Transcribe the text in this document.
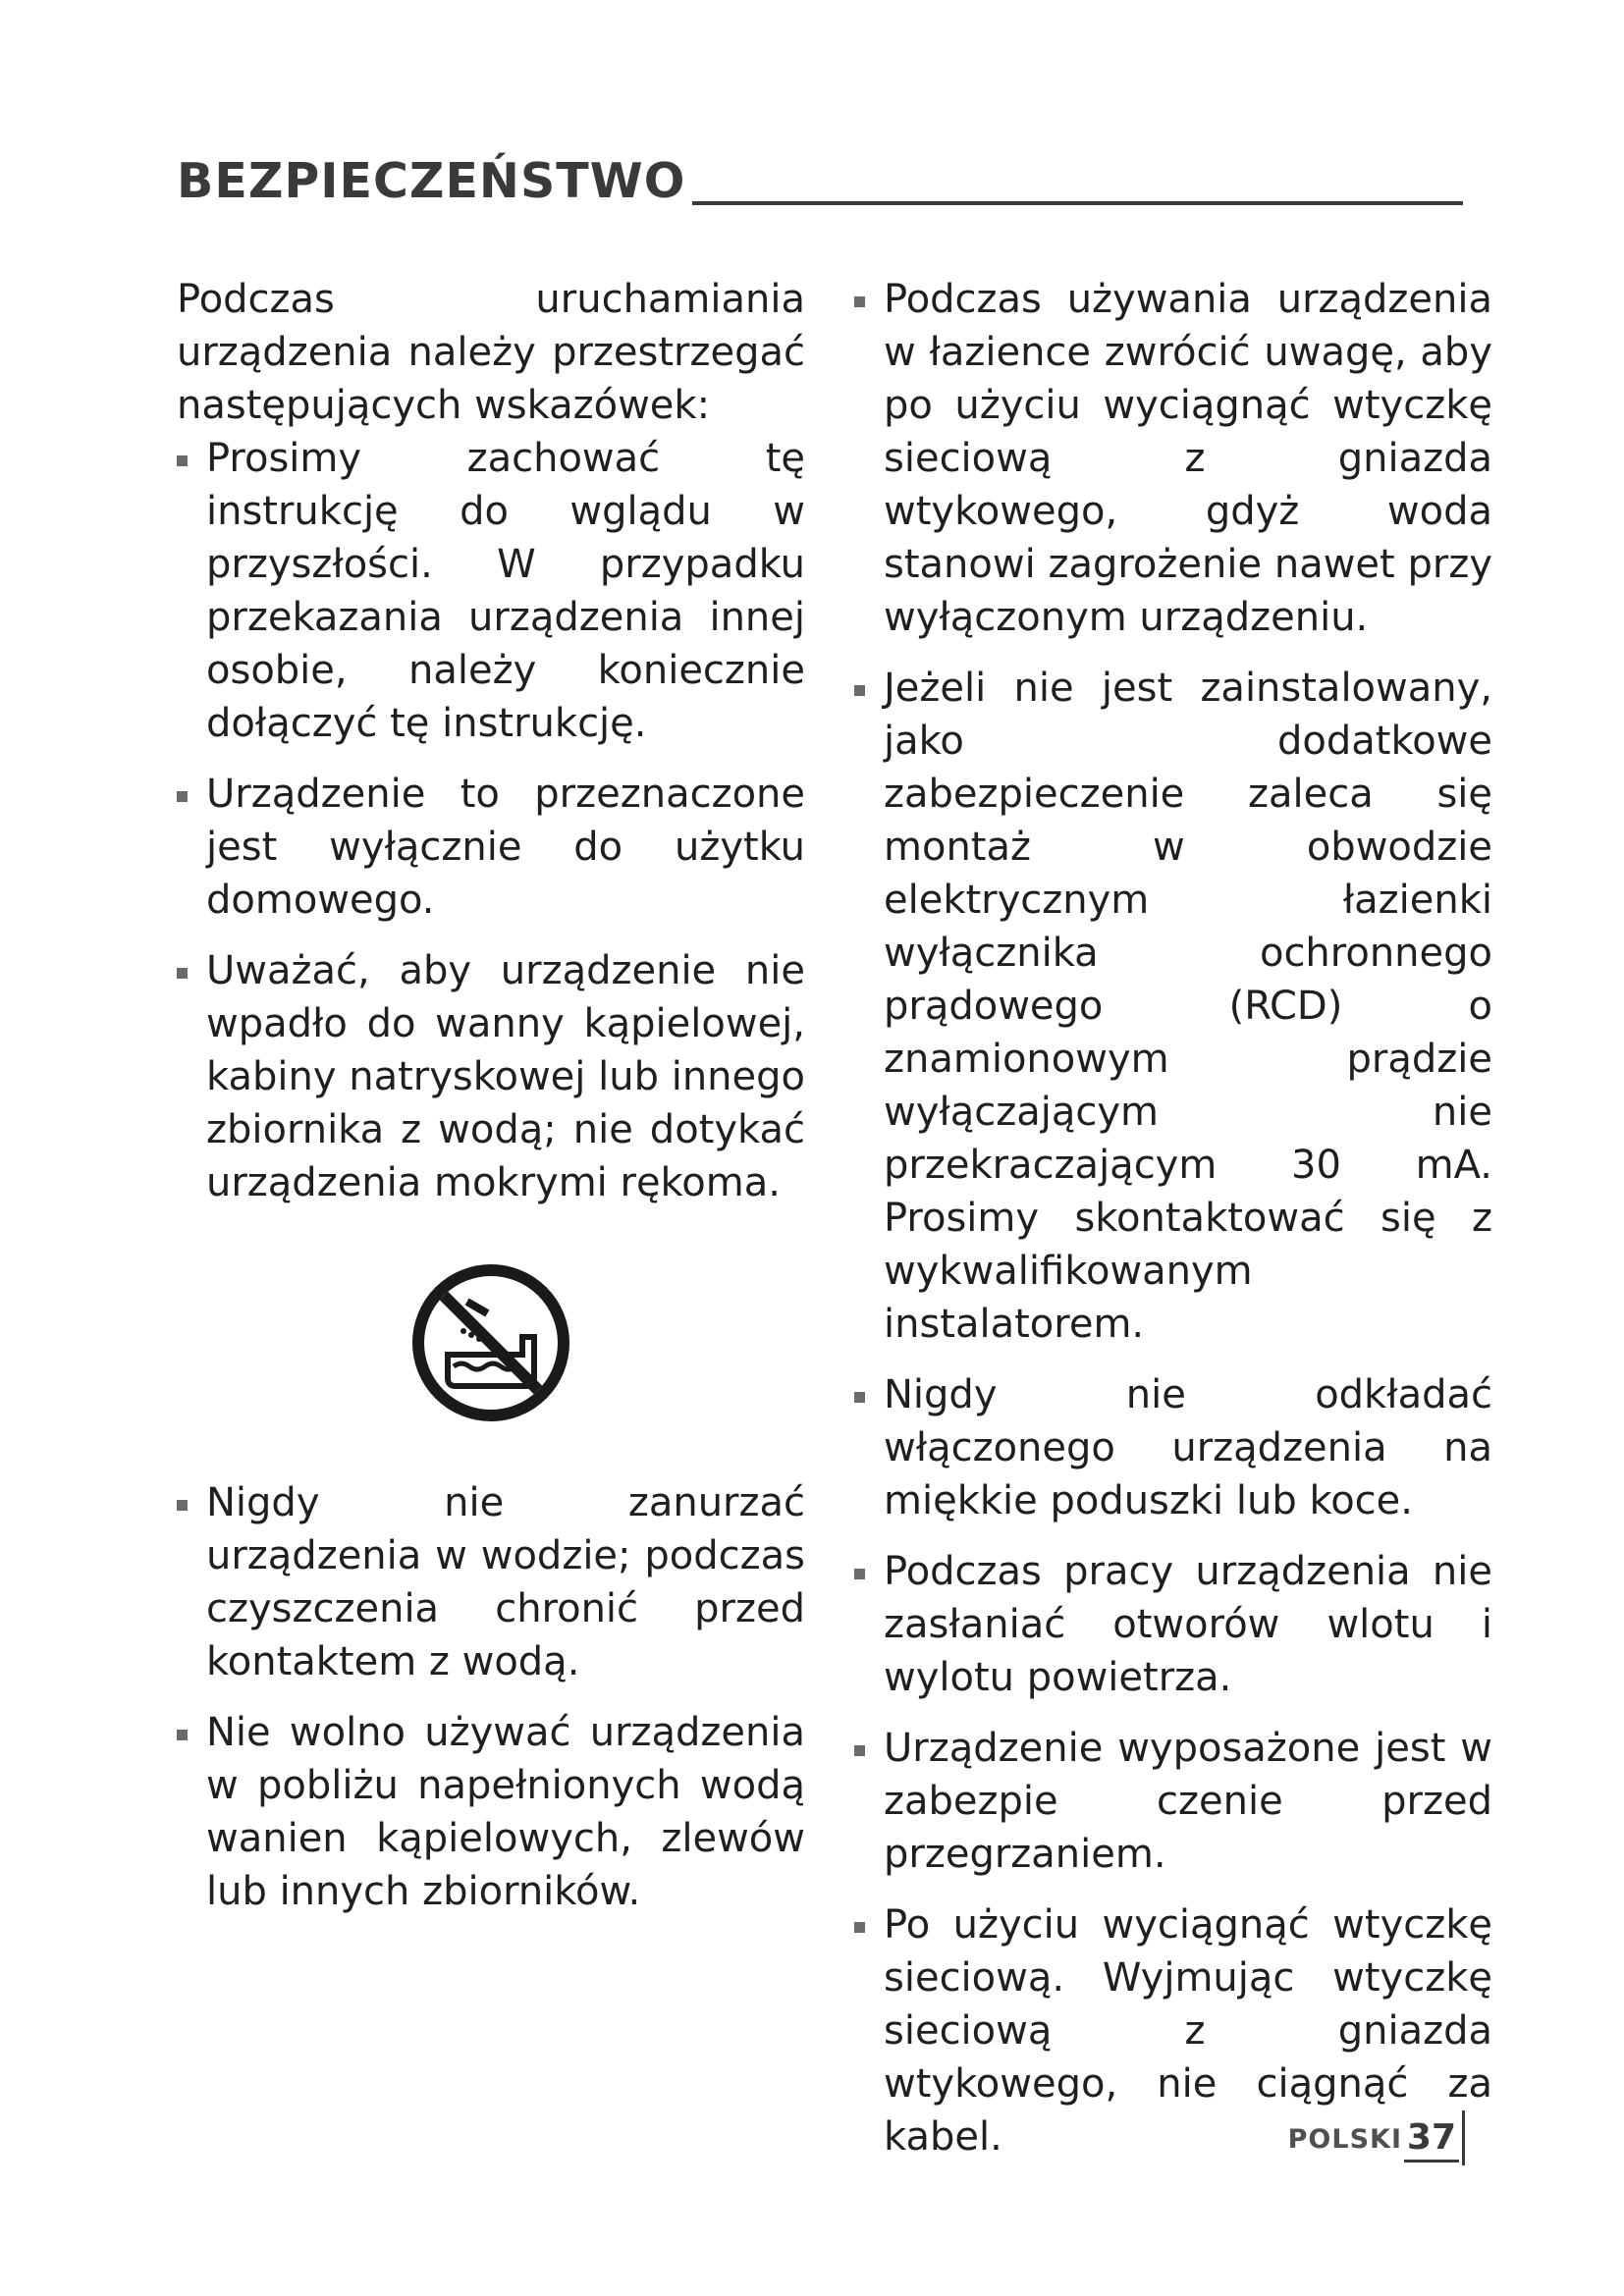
BEZPIECZEŃSTWO

Podczas uruchamiania urządzenia należy przestrzegać następujących wskazówek:

Prosimy zachować tę instrukcję do wglądu w przyszłości. W przypadku przekazania urządzenia innej osobie, należy koniecznie dołączyć tę instrukcję.
Urządzenie to przeznaczone jest wyłącznie do użytku domowego.
Uważać, aby urządzenie nie wpadło do wanny kąpielowej, kabiny natryskowej lub innego zbiornika z wodą; nie dotykać urządzenia mokrymi rękoma.
Nigdy nie zanurzać urządzenia w wodzie; podczas czyszczenia chronić przed kontaktem z wodą.
Nie wolno używać urządzenia w pobliżu napełnionych wodą wanien kąpielowych, zlewów lub innych zbiorników.
Podczas używania urządzenia w łazience zwrócić uwagę, aby po użyciu wyciągnąć wtyczkę sieciową z gniazda wtykowego, gdyż woda stanowi zagrożenie nawet przy wyłączonym urządzeniu.
Jeżeli nie jest zainstalowany, jako dodatkowe zabezpieczenie zaleca się montaż w obwodzie elektrycznym łazienki wyłącznika ochronnego prądowego (RCD) o znamionowym prądzie wyłączającym nie przekraczającym 30 mA. Prosimy skontaktować się z wykwalifikowanym instalatorem.
Nigdy nie odkładać włączonego urządzenia na miękkie poduszki lub koce.
Podczas pracy urządzenia nie zasłaniać otworów wlotu i wylotu powietrza.
Urządzenie wyposażone jest w zabezpie czenie przed przegrzaniem.
Po użyciu wyciągnąć wtyczkę sieciową. Wyjmując wtyczkę sieciową z gniazda wtykowego, nie ciągnąć za kabel.	POLSKI 37
